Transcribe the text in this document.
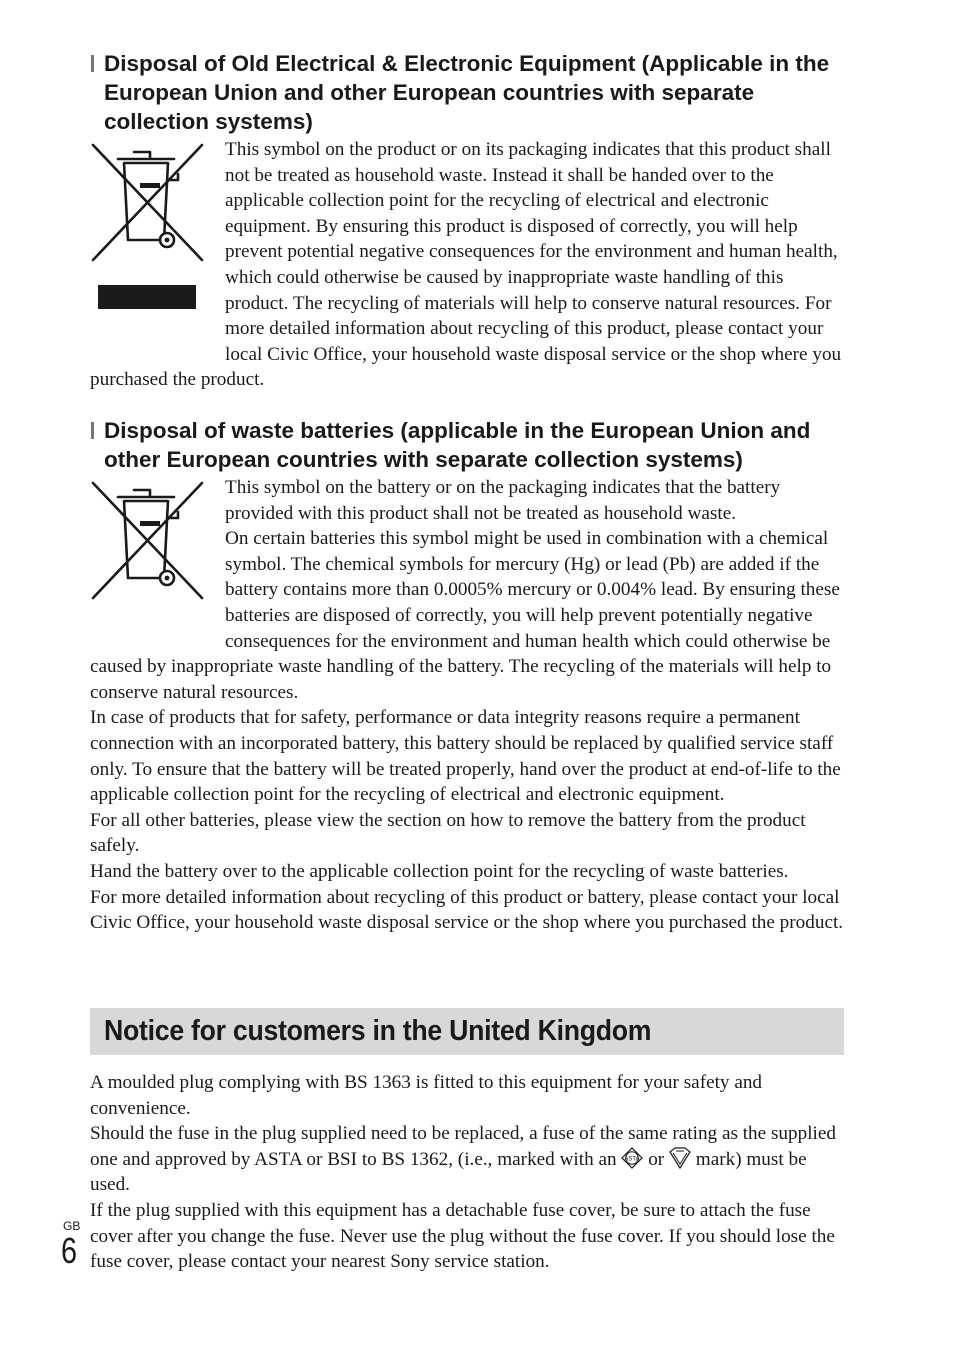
Disposal of Old Electrical & Electronic Equipment (Applicable in the European Union and other European countries with separate collection systems)

This symbol on the product or on its packaging indicates that this product shall not be treated as household waste. Instead it shall be handed over to the applicable collection point for the recycling of electrical and electronic equipment. By ensuring this product is disposed of correctly, you will help prevent potential negative consequences for the environment and human health, which could otherwise be caused by inappropriate waste handling of this product. The recycling of materials will help to conserve natural resources. For more detailed information about recycling of this product, please contact your local Civic Office, your household waste disposal service or the shop where you purchased the product.

Disposal of waste batteries (applicable in the European Union and other European countries with separate collection systems)

This symbol on the battery or on the packaging indicates that the battery provided with this product shall not be treated as household waste.

On certain batteries this symbol might be used in combination with a chemical symbol. The chemical symbols for mercury (Hg) or lead (Pb) are added if the battery contains more than 0.0005% mercury or 0.004% lead. By ensuring these batteries are disposed of correctly, you will help prevent potentially negative consequences for the environment and human health which could otherwise be caused by inappropriate waste handling of the battery. The recycling of the materials will help to conserve natural resources.

In case of products that for safety, performance or data integrity reasons require a permanent connection with an incorporated battery, this battery should be replaced by qualified service staff only. To ensure that the battery will be treated properly, hand over the product at end-of-life to the applicable collection point for the recycling of electrical and electronic equipment.

For all other batteries, please view the section on how to remove the battery from the product safely.

Hand the battery over to the applicable collection point for the recycling of waste batteries.

For more detailed information about recycling of this product or battery, please contact your local Civic Office, your household waste disposal service or the shop where you purchased the product.

Notice for customers in the United Kingdom

A moulded plug complying with BS 1363 is fitted to this equipment for your safety and convenience.

Should the fuse in the plug supplied need to be replaced, a fuse of the same rating as the supplied one and approved by ASTA or BSI to BS 1362, (i.e., marked with an ASTA or mark) must be used.

If the plug supplied with this equipment has a detachable fuse cover, be sure to attach the fuse cover after you change the fuse. Never use the plug without the fuse cover. If you should lose the fuse cover, please contact your nearest Sony service station.

GB
6
